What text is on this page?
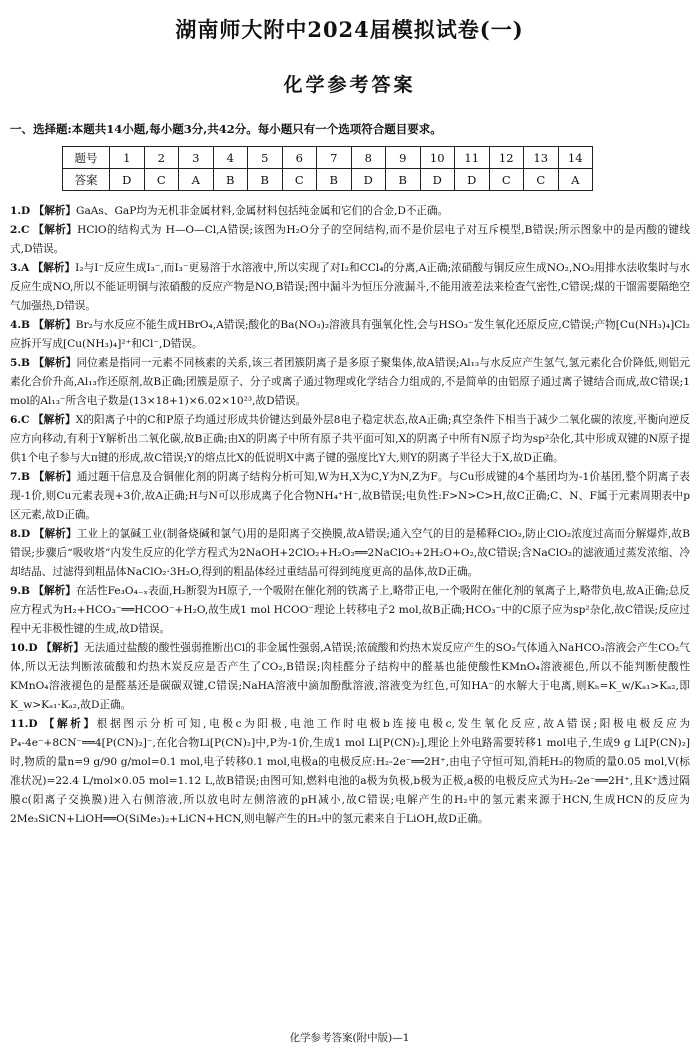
湖南师大附中2024届模拟试卷(一)
化学参考答案
一、选择题:本题共14小题,每小题3分,共42分。每小题只有一个选项符合题目要求。
题号	1	2	3	4	5	6	7	8	9	10	11	12	13	14
答案	D	C	A	B	B	C	B	D	B	D	D	C	C	A

1.D 【解析】GaAs、GaP均为无机非金属材料,金属材料包括纯金属和它们的合金,D不正确。

2.C 【解析】HClO的结构式为 H—O—Cl,A错误;该图为H₂O分子的空间结构,而不是价层电子对互斥模型,B错误;所示图象中的是丙酸的键线式,D错误。

3.A 【解析】I₂与I⁻反应生成I₃⁻,而I₃⁻更易溶于水溶液中,所以实现了对I₂和CCl₄的分离,A正确;浓硝酸与铜反应生成NO₂,NO₂用排水法收集时与水反应生成NO,所以不能证明铜与浓硝酸的反应产物是NO,B错误;图中漏斗为恒压分液漏斗,不能用液差法来检查气密性,C错误;煤的干馏需要隔绝空气加强热,D错误。

4.B 【解析】Br₂与水反应不能生成HBrO₄,A错误;酸化的Ba(NO₃)₂溶液具有强氧化性,会与HSO₃⁻发生氧化还原反应,C错误;产物[Cu(NH₃)₄]Cl₂应拆开写成[Cu(NH₃)₄]²⁺和Cl⁻,D错误。

5.B 【解析】同位素是指同一元素不同核素的关系,该三者团簇阴离子是多原子聚集体,故A错误;Al₁₃与水反应产生氢气,氢元素化合价降低,则铝元素化合价升高,Al₁₃作还原剂,故B正确;团簇是原子、分子或离子通过物理或化学结合力组成的,不是简单的由铝原子通过离子键结合而成,故C错误;1 mol的Al₁₃⁻所含电子数是(13×18+1)×6.02×10²³,故D错误。

6.C 【解析】X的阳离子中的C和P原子均通过形成共价键达到最外层8电子稳定状态,故A正确;真空条件下相当于减少二氧化碳的浓度,平衡向逆反应方向移动,有利于Y解析出二氧化碳,故B正确;由X的阴离子中所有原子共平面可知,X的阴离子中所有N原子均为sp²杂化,其中形成双键的N原子提供1个电子参与大π键的形成,故C错误;Y的熔点比X的低说明X中离子键的强度比Y大,则Y的阴离子半径大于X,故D正确。

7.B 【解析】通过题干信息及合铜催化剂的阴离子结构分析可知,W为H,X为C,Y为N,Z为F。与Cu形成键的4个基团均为-1价基团,整个阴离子表现-1价,则Cu元素表现+3价,故A正确;H与N可以形成离子化合物NH₄⁺H⁻,故B错误;电负性:F>N>C>H,故C正确;C、N、F属于元素周期表中p区元素,故D正确。

8.D 【解析】工业上的氯碱工业(制备烧碱和氯气)用的是阳离子交换膜,故A错误;通入空气的目的是稀释ClO₂,防止ClO₂浓度过高而分解爆炸,故B错误;步骤后“吸收塔”内发生反应的化学方程式为2NaOH+2ClO₂+H₂O₂══2NaClO₂+2H₂O+O₂,故C错误;含NaClO₂的滤液通过蒸发浓缩、冷却结晶、过滤得到粗晶体NaClO₂·3H₂O,得到的粗晶体经过重结晶可得到纯度更高的晶体,故D正确。

9.B 【解析】在活性Fe₃O₄₋ₓ表面,H₂断裂为H原子,一个吸附在催化剂的铁离子上,略带正电,一个吸附在催化剂的氧离子上,略带负电,故A正确;总反应方程式为H₂+HCO₃⁻══HCOO⁻+H₂O,故生成1 mol HCOO⁻理论上转移电子2 mol,故B正确;HCO₃⁻中的C原子应为sp²杂化,故C错误;反应过程中无非极性键的生成,故D错误。

10.D 【解析】无法通过盐酸的酸性强弱推断出Cl的非金属性强弱,A错误;浓硫酸和灼热木炭反应产生的SO₂气体通入NaHCO₃溶液会产生CO₂气体,所以无法判断浓硫酸和灼热木炭反应是否产生了CO₂,B错误;肉桂醛分子结构中的醛基也能使酸性KMnO₄溶液褪色,所以不能判断使酸性KMnO₄溶液褪色的是醛基还是碳碳双键,C错误;NaHA溶液中滴加酚酞溶液,溶液变为红色,可知HA⁻的水解大于电离,则Kₕ=K_w/Kₐ₁>Kₐ₂,即K_w>Kₐ₁·Kₐ₂,故D正确。

11.D 【解析】根据图示分析可知,电极c为阳极,电池工作时电极b连接电极c,发生氧化反应,故A错误;阳极电极反应为P₄-4e⁻+8CN⁻══4[P(CN)₂]⁻,在化合物Li[P(CN)₂]中,P为-1价,生成1 mol Li[P(CN)₂],理论上外电路需要转移1 mol电子,生成9 g Li[P(CN)₂]时,物质的量n=9 g/90 g/mol=0.1 mol,电子转移0.1 mol,电极a的电极反应:H₂-2e⁻══2H⁺,由电子守恒可知,消耗H₂的物质的量0.05 mol,V(标准状况)=22.4 L/mol×0.05 mol=1.12 L,故B错误;由图可知,燃料电池的a极为负极,b极为正极,a极的电极反应式为H₂-2e⁻══2H⁺,且K⁺透过隔膜c(阳离子交换膜)进入右侧溶液,所以放电时左侧溶液的pH减小,故C错误;电解产生的H₂中的氢元素来源于HCN,生成HCN的反应为2Me₃SiCN+LiOH══O(SiMe₃)₂+LiCN+HCN,则电解产生的H₂中的氢元素来自于LiOH,故D正确。

化学参考答案(附中版)—1
